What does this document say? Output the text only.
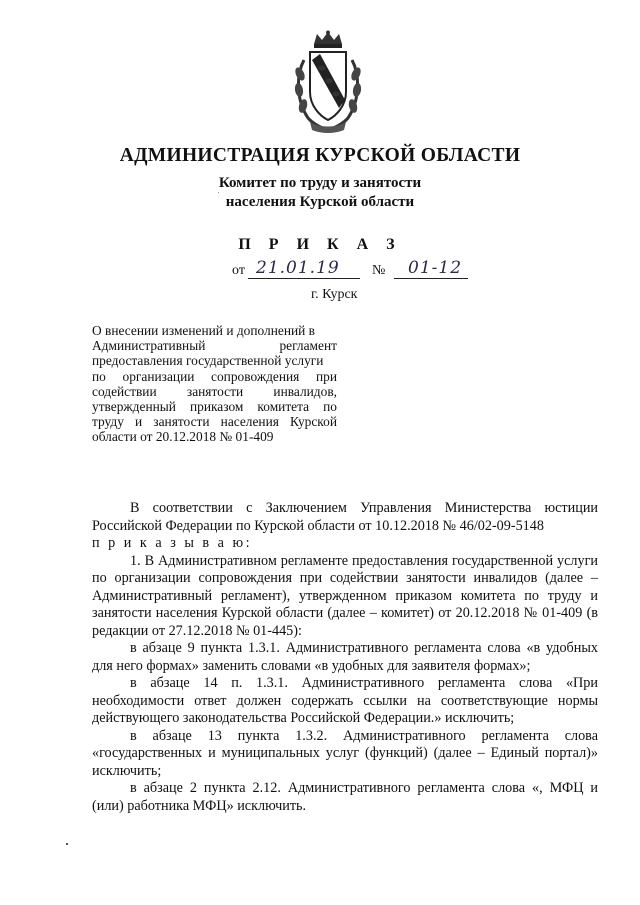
АДМИНИСТРАЦИЯ КУРСКОЙ ОБЛАСТИ
Комитет по труду и занятости
населения Курской области
П Р И К А З
от 21.01.19 № 01-12
г. Курск
О внесении изменений и дополнений в
Административный регламент
предоставления государственной услуги
по организации сопровождения при
содействии занятости инвалидов,
утвержденный приказом комитета по
труду и занятости населения Курской
области от 20.12.2018 № 01-409

В соответствии с Заключением Управления Министерства юстиции Российской Федерации по Курской области от 10.12.2018 № 46/02-09-5148

п р и к а з ы в а ю:

1. В Административном регламенте предоставления государственной услуги по организации сопровождения при содействии занятости инвалидов (далее – Административный регламент), утвержденном приказом комитета по труду и занятости населения Курской области (далее – комитет) от 20.12.2018 № 01-409 (в редакции от 27.12.2018 № 01-445):

в абзаце 9 пункта 1.3.1. Административного регламента слова «в удобных для него формах» заменить словами «в удобных для заявителя формах»;

в абзаце 14 п. 1.3.1. Административного регламента слова «При необходимости ответ должен содержать ссылки на соответствующие нормы действующего законодательства Российской Федерации.» исключить;

в абзаце 13 пункта 1.3.2. Административного регламента слова «государственных и муниципальных услуг (функций) (далее – Единый портал)» исключить;

в абзаце 2 пункта 2.12. Административного регламента слова «, МФЦ и (или) работника МФЦ» исключить.
